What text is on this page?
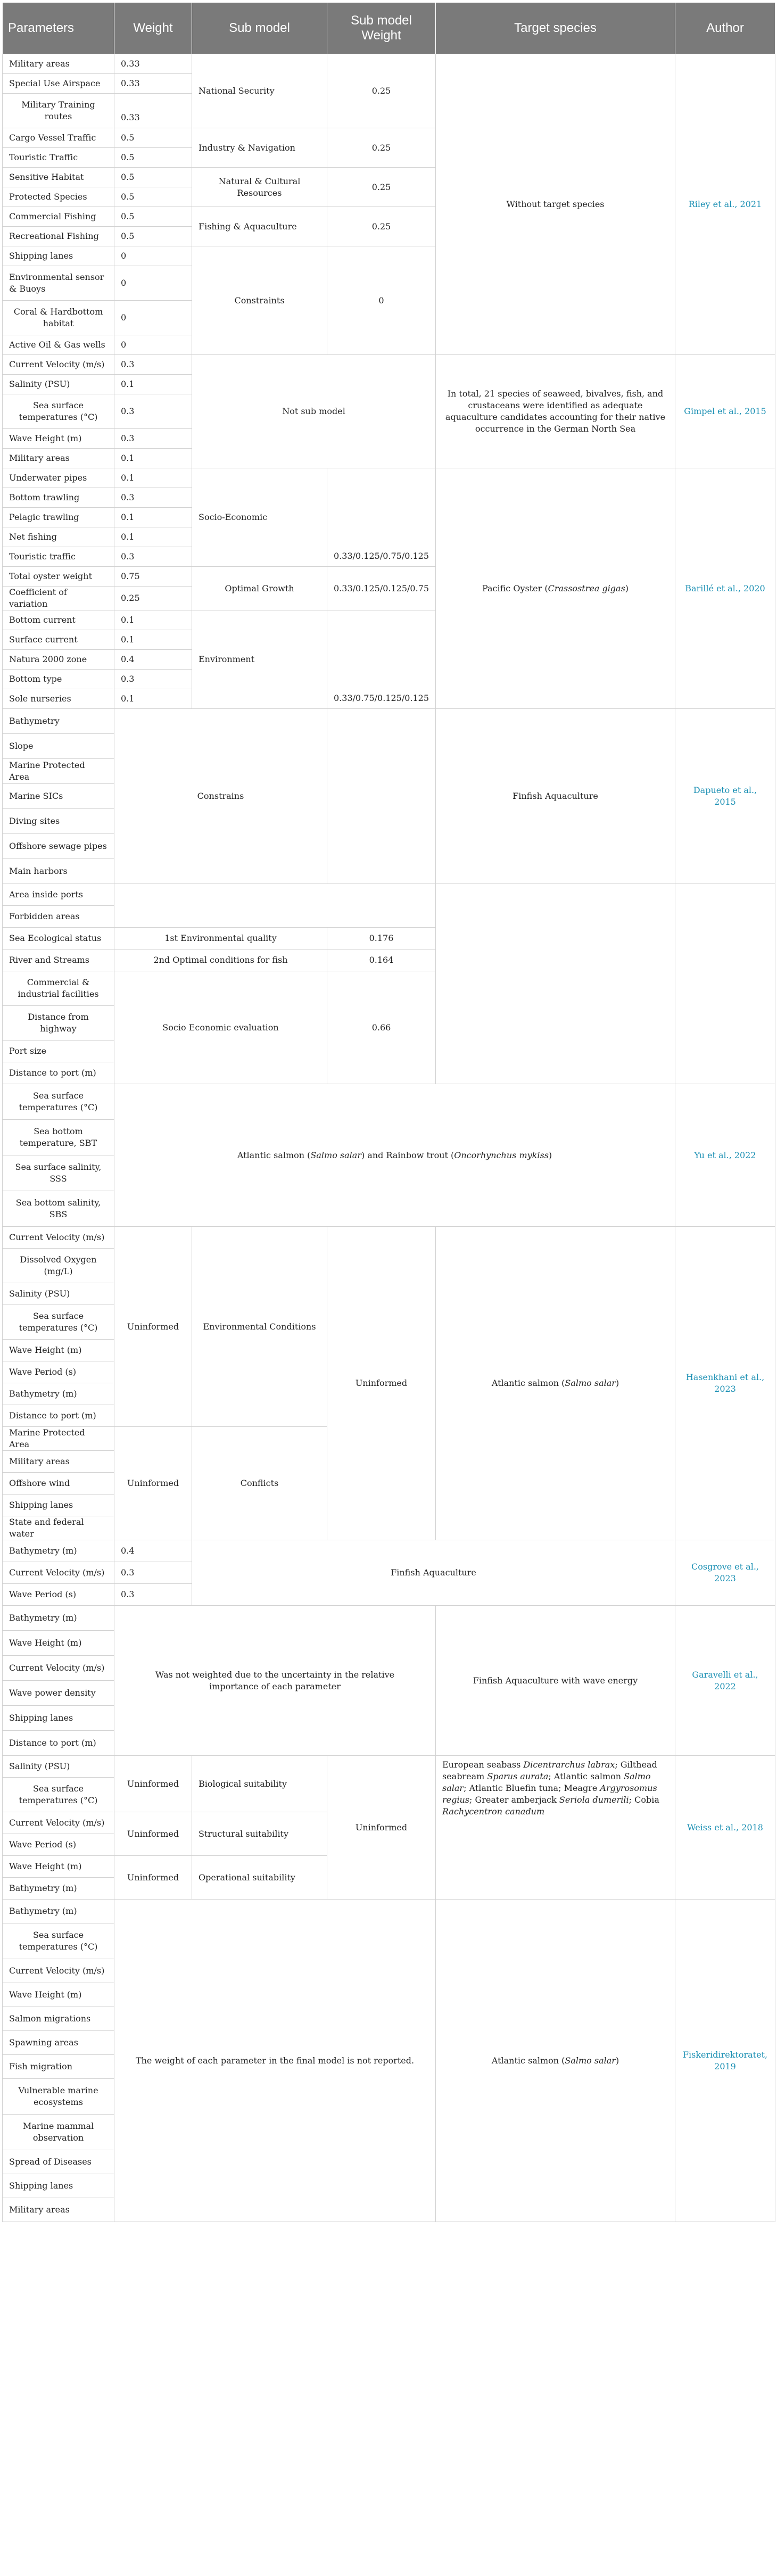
Parameters	Weight	Sub model	Sub model Weight	Target species	Author
Military areas	0.33	National Security	0.25	Without target species	Riley et al., 2021
Special Use Airspace	0.33				
Military Training routes	0.33				
Cargo Vessel Traffic	0.5	Industry & Navigation	0.25		
Touristic Traffic	0.5				
Sensitive Habitat	0.5	Natural & Cultural Resources	0.25		
Protected Species	0.5				
Commercial Fishing	0.5	Fishing & Aquaculture	0.25		
Recreational Fishing	0.5				
Shipping lanes	0	Constraints	0		
Environmental sensor & Buoys	0				
Coral & Hardbottom habitat	0				
Active Oil & Gas wells	0				
Current Velocity (m/s)	0.3	Not sub model		In total, 21 species of seaweed, bivalves, fish, and crustaceans were identified as adequate aquaculture candidates accounting for their native occurrence in the German North Sea	Gimpel et al., 2015
Salinity (PSU)	0.1				
Sea surface temperatures (°C)	0.3				
Wave Height (m)	0.3				
Military areas	0.1				
Underwater pipes	0.1	Socio-Economic	0.33/0.125/0.75/0.125	Pacific Oyster (Crassostrea gigas)	Barillé et al., 2020
Bottom trawling	0.3				
Pelagic trawling	0.1				
Net fishing	0.1				
Touristic traffic	0.3				
Total oyster weight	0.75	Optimal Growth	0.33/0.125/0.125/0.75		
Coefficient of variation	0.25				
Bottom current	0.1	Environment	0.33/0.75/0.125/0.125		
Surface current	0.1				
Natura 2000 zone	0.4				
Bottom type	0.3				
Sole nurseries	0.1				
Bathymetry	Constrains			Finfish Aquaculture	Dapueto et al., 2015
Slope					
Marine Protected Area					
Marine SICs					
Diving sites					
Offshore sewage pipes					
Main harbors					
Area inside ports					
Forbidden areas					
Sea Ecological status	1st Environmental quality		0.176		
River and Streams	2nd Optimal conditions for fish		0.164		
Commercial & industrial facilities	Socio Economic evaluation		0.66		
Distance from highway					
Port size					
Distance to port (m)					
Sea surface temperatures (°C)	Atlantic salmon (Salmo salar) and Rainbow trout (Oncorhynchus mykiss)				Yu et al., 2022
Sea bottom temperature, SBT					
Sea surface salinity, SSS					
Sea bottom salinity, SBS					
Current Velocity (m/s)	Uninformed	Environmental Conditions	Uninformed	Atlantic salmon (Salmo salar)	Hasenkhani et al., 2023
Dissolved Oxygen (mg/L)					
Salinity (PSU)					
Sea surface temperatures (°C)					
Wave Height (m)					
Wave Period (s)					
Bathymetry (m)					
Distance to port (m)					
Marine Protected Area	Uninformed	Conflicts			
Military areas					
Offshore wind					
Shipping lanes					
State and federal water					
Bathymetry (m)	0.4	Finfish Aquaculture			Cosgrove et al., 2023
Current Velocity (m/s)	0.3				
Wave Period (s)	0.3				
Bathymetry (m)	Was not weighted due to the uncertainty in the relative importance of each parameter			Finfish Aquaculture with wave energy	Garavelli et al., 2022
Wave Height (m)					
Current Velocity (m/s)					
Wave power density					
Shipping lanes					
Distance to port (m)					
Salinity (PSU)	Uninformed	Biological suitability	Uninformed	European seabass Dicentrarchus labrax; Gilthead seabream Sparus aurata; Atlantic salmon Salmo salar; Atlantic Bluefin tuna; Meagre Argyrosomus regius; Greater amberjack Seriola dumerili; Cobia Rachycentron canadum	Weiss et al., 2018
Sea surface temperatures (°C)					
Current Velocity (m/s)	Uninformed	Structural suitability			
Wave Period (s)					
Wave Height (m)	Uninformed	Operational suitability			
Bathymetry (m)					
Bathymetry (m)	The weight of each parameter in the final model is not reported.			Atlantic salmon (Salmo salar)	Fiskeridirektoratet, 2019
Sea surface temperatures (°C)					
Current Velocity (m/s)					
Wave Height (m)					
Salmon migrations					
Spawning areas					
Fish migration					
Vulnerable marine ecosystems					
Marine mammal observation					
Spread of Diseases					
Shipping lanes					
Military areas					
